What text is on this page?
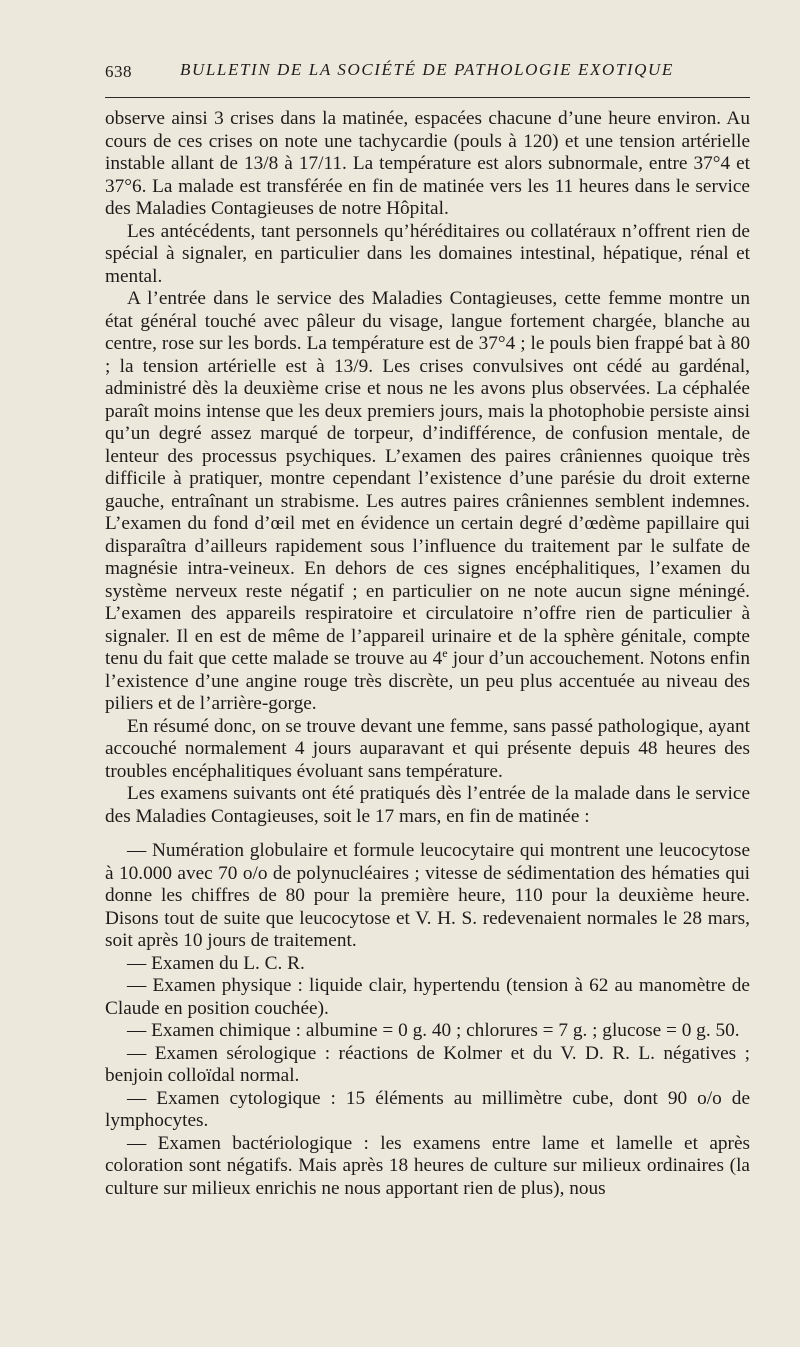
638	BULLETIN DE LA SOCIÉTÉ DE PATHOLOGIE EXOTIQUE

observe ainsi 3 crises dans la matinée, espacées chacune d’une heure environ. Au cours de ces crises on note une tachycardie (pouls à 120) et une tension artérielle instable allant de 13/8 à 17/11. La température est alors subnormale, entre 37°4 et 37°6. La malade est transférée en fin de matinée vers les 11 heures dans le service des Maladies Contagieuses de notre Hôpital.

Les antécédents, tant personnels qu’héréditaires ou collatéraux n’offrent rien de spécial à signaler, en particulier dans les domaines intestinal, hépatique, rénal et mental.

A l’entrée dans le service des Maladies Contagieuses, cette femme montre un état général touché avec pâleur du visage, langue fortement chargée, blanche au centre, rose sur les bords. La température est de 37°4 ; le pouls bien frappé bat à 80 ; la tension artérielle est à 13/9. Les crises convulsives ont cédé au gardénal, administré dès la deuxième crise et nous ne les avons plus observées. La céphalée paraît moins intense que les deux premiers jours, mais la photophobie persiste ainsi qu’un degré assez marqué de torpeur, d’indifférence, de confusion mentale, de lenteur des processus psychiques. L’examen des paires crâniennes quoique très difficile à pratiquer, montre cependant l’existence d’une parésie du droit externe gauche, entraînant un strabisme. Les autres paires crâniennes semblent indemnes. L’examen du fond d’œil met en évidence un certain degré d’œdème papillaire qui disparaîtra d’ailleurs rapidement sous l’influence du traitement par le sulfate de magnésie intra-veineux. En dehors de ces signes encéphalitiques, l’examen du système nerveux reste négatif ; en particulier on ne note aucun signe méningé. L’examen des appareils respiratoire et circulatoire n’offre rien de particulier à signaler. Il en est de même de l’appareil urinaire et de la sphère génitale, compte tenu du fait que cette malade se trouve au 4e jour d’un accouchement. Notons enfin l’existence d’une angine rouge très discrète, un peu plus accentuée au niveau des piliers et de l’arrière-gorge.

En résumé donc, on se trouve devant une femme, sans passé pathologique, ayant accouché normalement 4 jours auparavant et qui présente depuis 48 heures des troubles encéphalitiques évoluant sans température.

Les examens suivants ont été pratiqués dès l’entrée de la malade dans le service des Maladies Contagieuses, soit le 17 mars, en fin de matinée :

— Numération globulaire et formule leucocytaire qui montrent une leucocytose à 10.000 avec 70 o/o de polynucléaires ; vitesse de sédimentation des hématies qui donne les chiffres de 80 pour la première heure, 110 pour la deuxième heure. Disons tout de suite que leucocytose et V. H. S. redevenaient normales le 28 mars, soit après 10 jours de traitement.

— Examen du L. C. R.

— Examen physique : liquide clair, hypertendu (tension à 62 au manomètre de Claude en position couchée).

— Examen chimique : albumine = 0 g. 40 ; chlorures = 7 g. ; glucose = 0 g. 50.

— Examen sérologique : réactions de Kolmer et du V. D. R. L. négatives ; benjoin colloïdal normal.

— Examen cytologique : 15 éléments au millimètre cube, dont 90 o/o de lymphocytes.

— Examen bactériologique : les examens entre lame et lamelle et après coloration sont négatifs. Mais après 18 heures de culture sur milieux ordinaires (la culture sur milieux enrichis ne nous apportant rien de plus), nous
